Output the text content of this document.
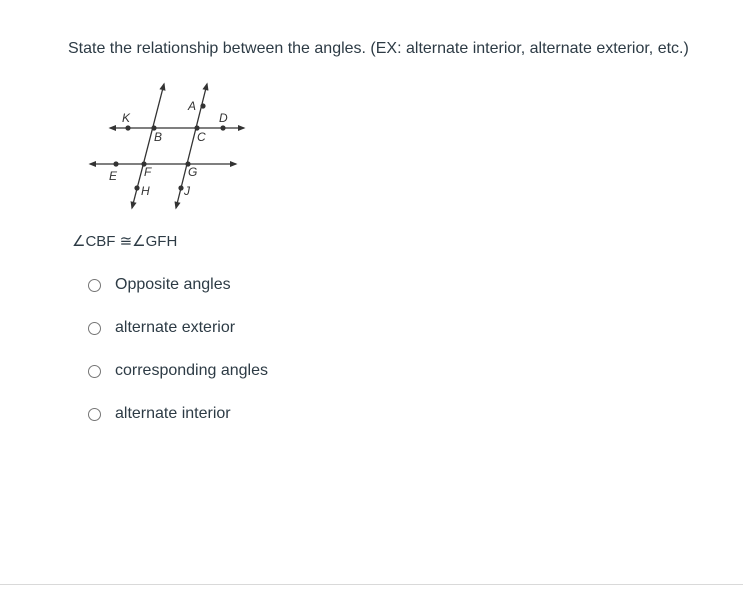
State the relationship between the angles. (EX: alternate interior, alternate exterior, etc.)
K
A
D
B	C
E F	G
H	J
∠CBF ≅∠GFH
Opposite angles
alternate exterior
corresponding angles
alternate interior
